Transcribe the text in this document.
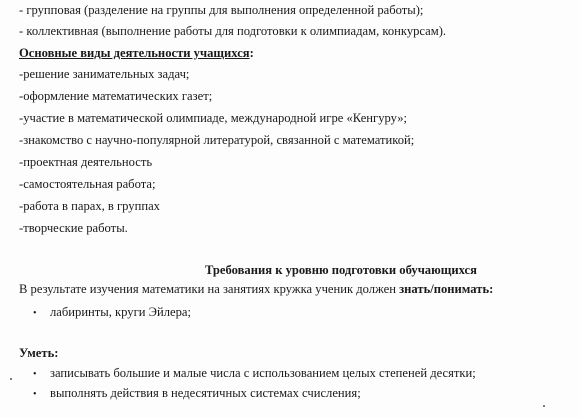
- групповая (разделение на группы для выполнения определенной работы);
- коллективная (выполнение работы для подготовки к олимпиадам, конкурсам).
Основные виды деятельности учащихся:
-решение занимательных задач;
-оформление математических газет;
-участие в математической олимпиаде, международной игре «Кенгуру»;
-знакомство с научно-популярной литературой, связанной с математикой;
-проектная деятельность
-самостоятельная работа;
-работа в парах, в группах
-творческие работы.
Требования к уровню подготовки обучающихся
В результате изучения математики на занятиях кружка ученик должен знать/понимать:
• лабиринты, круги Эйлера;
Уметь:
• записывать большие и малые числа с использованием целых степеней десятки;
• выполнять действия в недесятичных системах счисления;
